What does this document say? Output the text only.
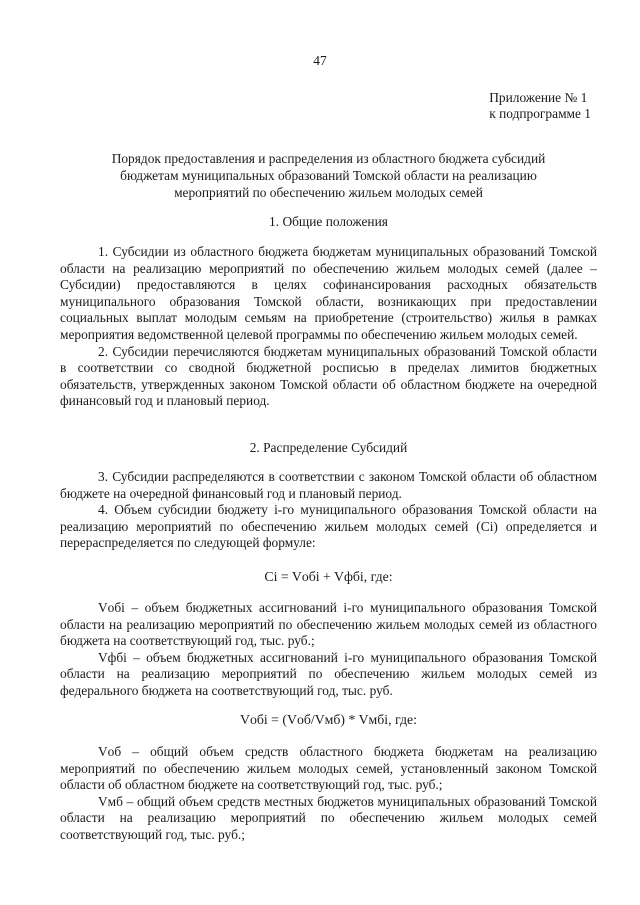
47
Приложение № 1
к подпрограмме 1
Порядок предоставления и распределения из областного бюджета субсидий
бюджетам муниципальных образований Томской области на реализацию
мероприятий по обеспечению жильем молодых семей
1. Общие положения

1. Субсидии из областного бюджета бюджетам муниципальных образований Томской области на реализацию мероприятий по обеспечению жильем молодых семей (далее – Субсидии) предоставляются в целях софинансирования расходных обязательств муниципального образования Томской области, возникающих при предоставлении социальных выплат молодым семьям на приобретение (строительство) жилья в рамках мероприятия ведомственной целевой программы по обеспечению жильем молодых семей.

2. Субсидии перечисляются бюджетам муниципальных образований Томской области в соответствии со сводной бюджетной росписью в пределах лимитов бюджетных обязательств, утвержденных законом Томской области об областном бюджете на очередной финансовый год и плановый период.

2. Распределение Субсидий

3. Субсидии распределяются в соответствии с законом Томской области об областном бюджете на очередной финансовый год и плановый период.

4. Объем субсидии бюджету i-го муниципального образования Томской области на реализацию мероприятий по обеспечению жильем молодых семей (Ci) определяется и перераспределяется по следующей формуле:

Ci = Vобi + Vфбi, где:

Vобi – объем бюджетных ассигнований i-го муниципального образования Томской области на реализацию мероприятий по обеспечению жильем молодых семей из областного бюджета на соответствующий год, тыс. руб.;

Vфбi – объем бюджетных ассигнований i-го муниципального образования Томской области на реализацию мероприятий по обеспечению жильем молодых семей из федерального бюджета на соответствующий год, тыс. руб.

Vобi = (Vоб/Vмб) * Vмбi, где:

Vоб – общий объем средств областного бюджета бюджетам на реализацию мероприятий по обеспечению жильем молодых семей, установленный законом Томской области об областном бюджете на соответствующий год, тыс. руб.;

Vмб – общий объем средств местных бюджетов муниципальных образований Томской области на реализацию мероприятий по обеспечению жильем молодых семей соответствующий год, тыс. руб.;
